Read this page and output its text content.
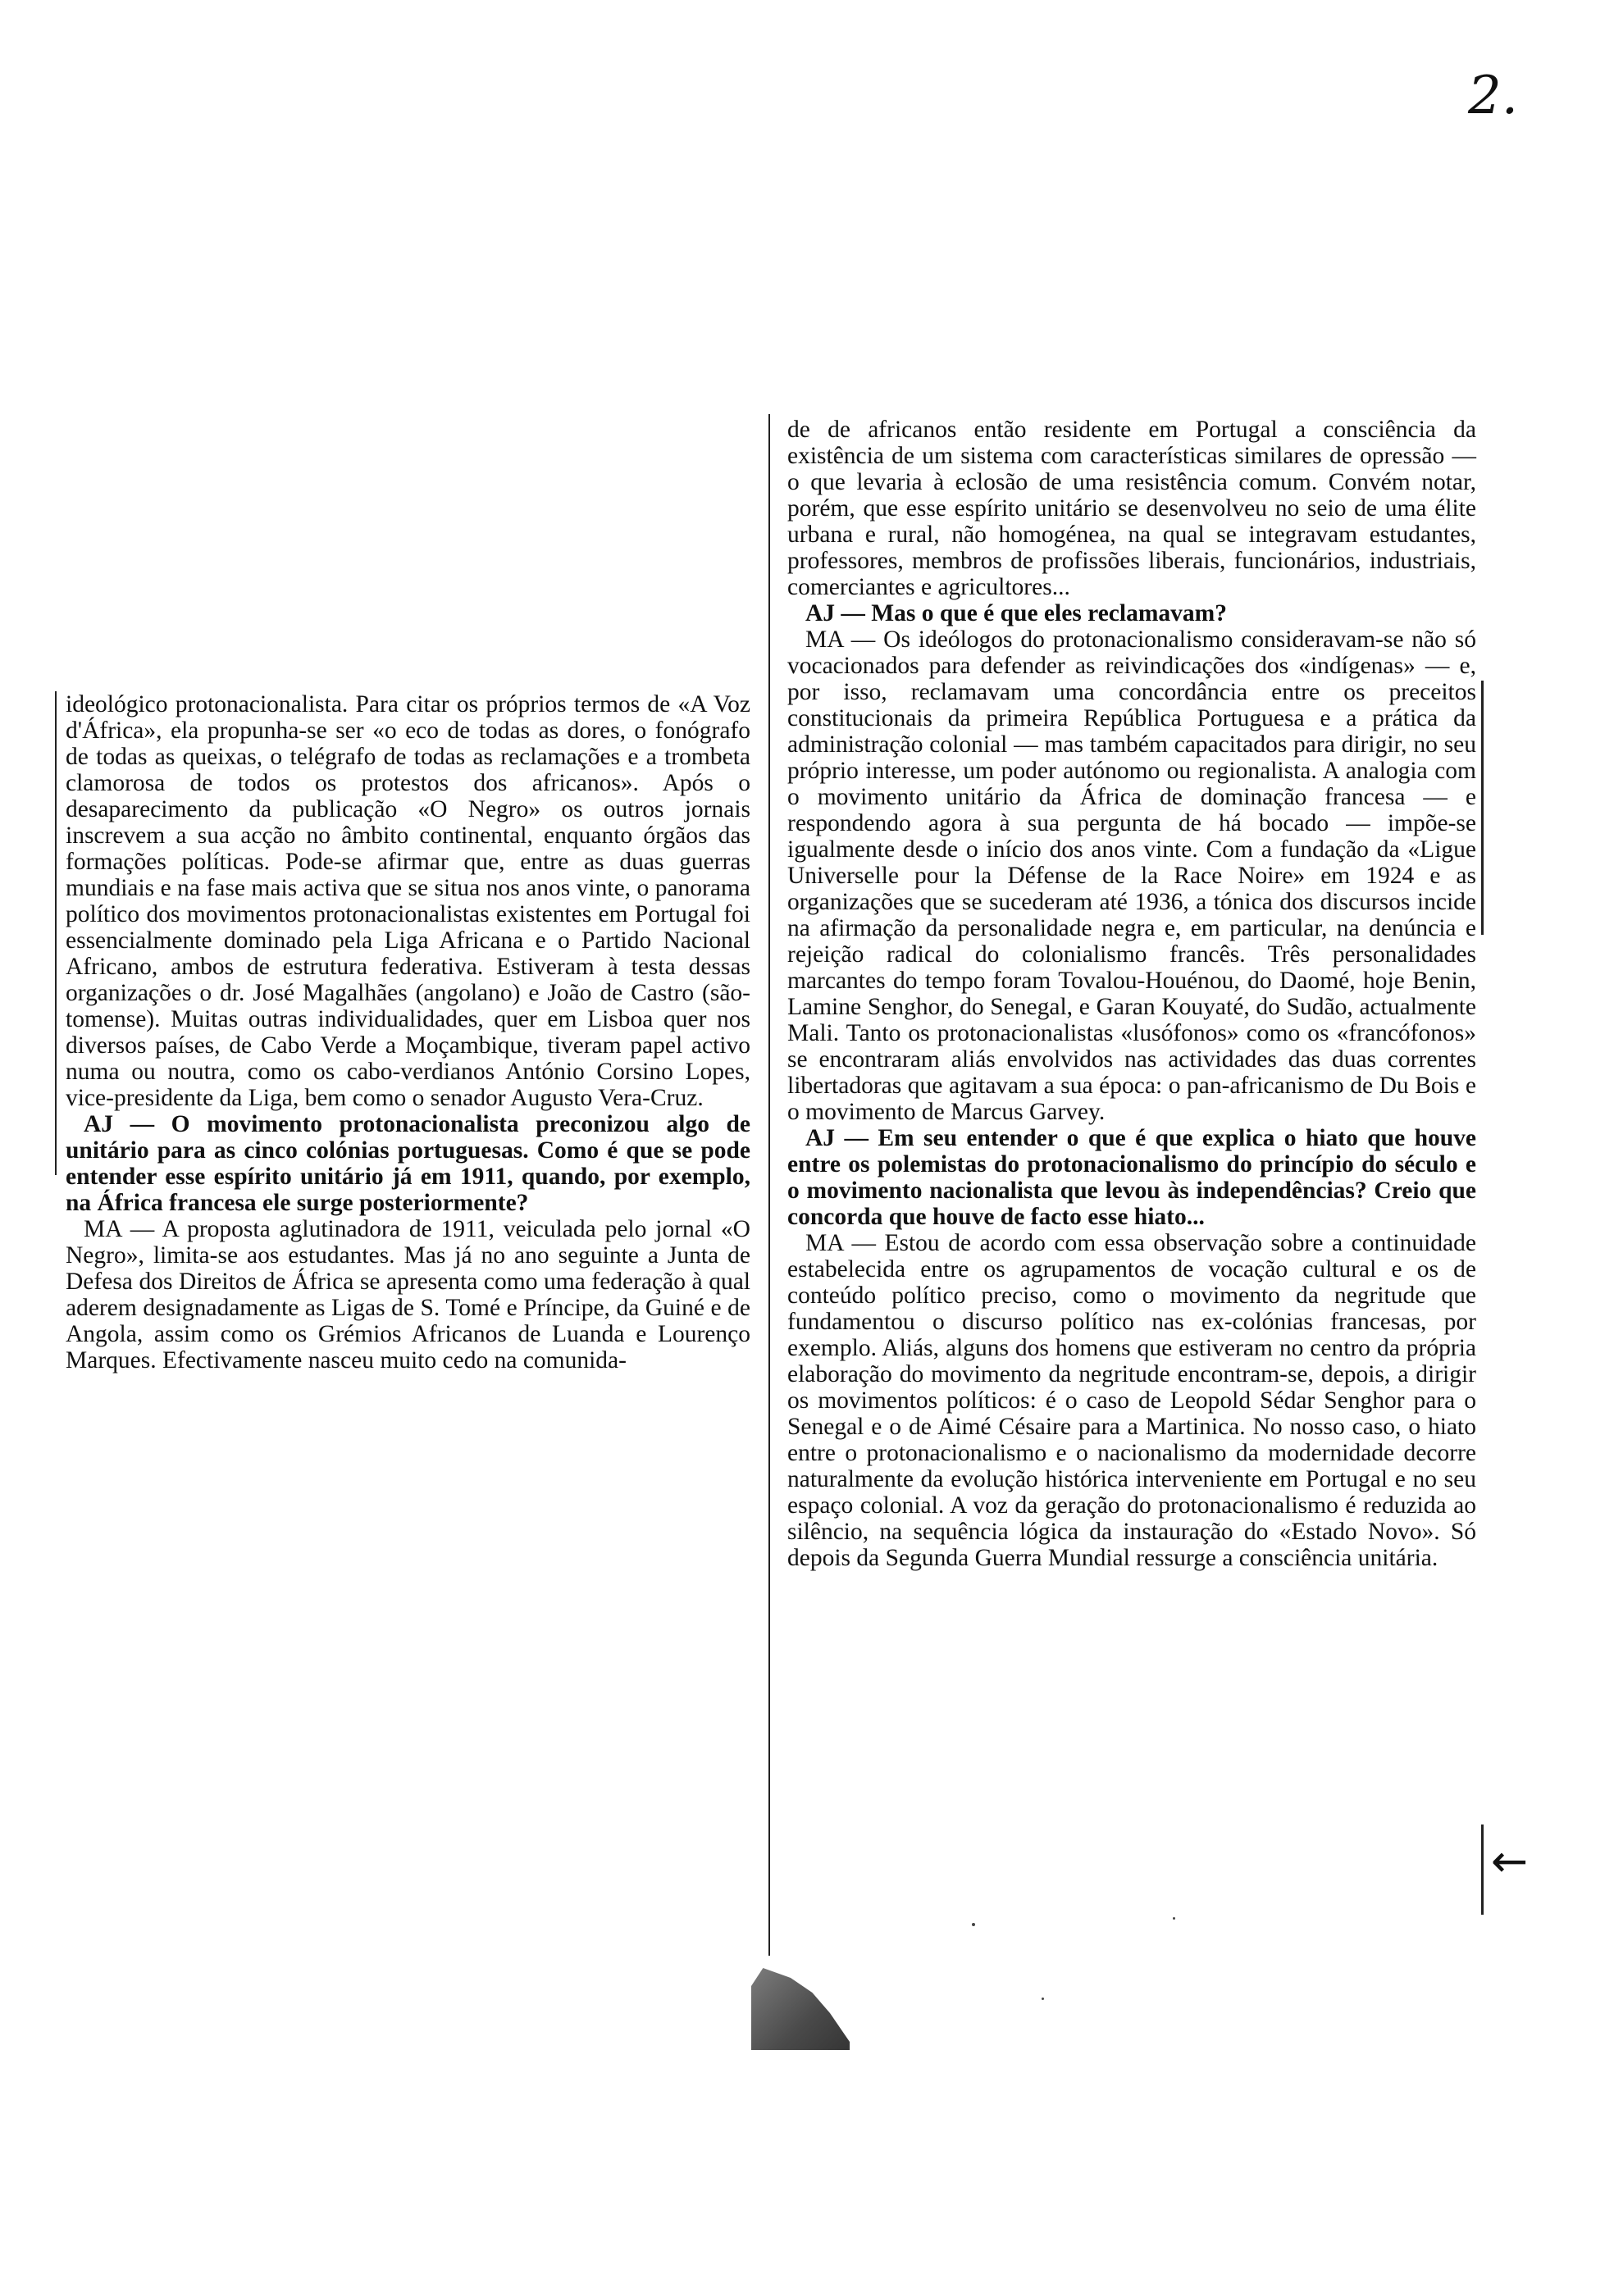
2.

ideológico protonacionalista. Para citar os próprios termos de «A Voz d'África», ela propunha-se ser «o eco de todas as dores, o fonógrafo de todas as queixas, o telégrafo de todas as reclamações e a trombeta clamorosa de todos os protestos dos africanos». Após o desaparecimento da publicação «O Negro» os outros jornais inscrevem a sua acção no âmbito continental, enquanto órgãos das formações políticas. Pode-se afirmar que, entre as duas guerras mundiais e na fase mais activa que se situa nos anos vinte, o panorama político dos movimentos protonacionalistas existentes em Portugal foi essencialmente dominado pela Liga Africana e o Partido Nacional Africano, ambos de estrutura federativa. Estiveram à testa dessas organizações o dr. José Magalhães (angolano) e João de Castro (são-tomense). Muitas outras individualidades, quer em Lisboa quer nos diversos países, de Cabo Verde a Moçambique, tiveram papel activo numa ou noutra, como os cabo-verdianos António Corsino Lopes, vice-presidente da Liga, bem como o senador Augusto Vera-Cruz.

AJ — O movimento protonacionalista preconizou algo de unitário para as cinco colónias portuguesas. Como é que se pode entender esse espírito unitário já em 1911, quando, por exemplo, na África francesa ele surge posteriormente?

MA — A proposta aglutinadora de 1911, veiculada pelo jornal «O Negro», limita-se aos estudantes. Mas já no ano seguinte a Junta de Defesa dos Direitos de África se apresenta como uma federação à qual aderem designadamente as Ligas de S. Tomé e Príncipe, da Guiné e de Angola, assim como os Grémios Africanos de Luanda e Lourenço Marques. Efectivamente nasceu muito cedo na comunida-

de de africanos então residente em Portugal a consciência da existência de um sistema com características similares de opressão — o que levaria à eclosão de uma resistência comum. Convém notar, porém, que esse espírito unitário se desenvolveu no seio de uma élite urbana e rural, não homogénea, na qual se integravam estudantes, professores, membros de profissões liberais, funcionários, industriais, comerciantes e agricultores...

AJ — Mas o que é que eles reclamavam?

MA — Os ideólogos do protonacionalismo consideravam-se não só vocacionados para defender as reivindicações dos «indígenas» — e, por isso, reclamavam uma concordância entre os preceitos constitucionais da primeira República Portuguesa e a prática da administração colonial — mas também capacitados para dirigir, no seu próprio interesse, um poder autónomo ou regionalista. A analogia com o movimento unitário da África de dominação francesa — e respondendo agora à sua pergunta de há bocado — impõe-se igualmente desde o início dos anos vinte. Com a fundação da «Ligue Universelle pour la Défense de la Race Noire» em 1924 e as organizações que se sucederam até 1936, a tónica dos discursos incide na afirmação da personalidade negra e, em particular, na denúncia e rejeição radical do colonialismo francês. Três personalidades marcantes do tempo foram Tovalou-Houénou, do Daomé, hoje Benin, Lamine Senghor, do Senegal, e Garan Kouyaté, do Sudão, actualmente Mali. Tanto os protonacionalistas «lusófonos» como os «francófonos» se encontraram aliás envolvidos nas actividades das duas correntes libertadoras que agitavam a sua época: o pan-africanismo de Du Bois e o movimento de Marcus Garvey.

AJ — Em seu entender o que é que explica o hiato que houve entre os polemistas do protonacionalismo do princípio do século e o movimento nacionalista que levou às independências? Creio que concorda que houve de facto esse hiato...

MA — Estou de acordo com essa observação sobre a continuidade estabelecida entre os agrupamentos de vocação cultural e os de conteúdo político preciso, como o movimento da negritude que fundamentou o discurso político nas ex-colónias francesas, por exemplo. Aliás, alguns dos homens que estiveram no centro da própria elaboração do movimento da negritude encontram-se, depois, a dirigir os movimentos políticos: é o caso de Leopold Sédar Senghor para o Senegal e o de Aimé Césaire para a Martinica. No nosso caso, o hiato entre o protonacionalismo e o nacionalismo da modernidade decorre naturalmente da evolução histórica interveniente em Portugal e no seu espaço colonial. A voz da geração do protonacionalismo é reduzida ao silêncio, na sequência lógica da instauração do «Estado Novo». Só depois da Segunda Guerra Mundial ressurge a consciência unitária.

←
